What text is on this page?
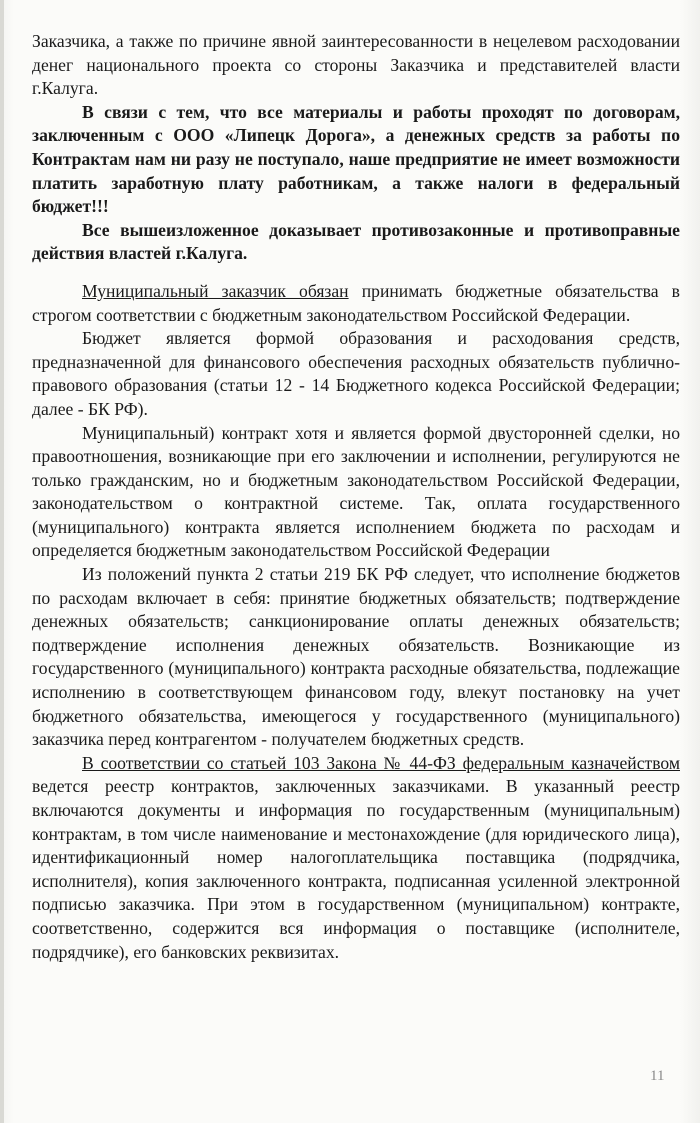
Заказчика, а также по причине явной заинтересованности в нецелевом расходовании денег национального проекта со стороны Заказчика и представителей власти г.Калуга.

В связи с тем, что все материалы и работы проходят по договорам, заключенным с ООО «Липецк Дорога», а денежных средств за работы по Контрактам нам ни разу не поступало, наше предприятие не имеет возможности платить заработную плату работникам, а также налоги в федеральный бюджет!!!

Все вышеизложенное доказывает противозаконные и противоправные действия властей г.Калуга.

Муниципальный заказчик обязан принимать бюджетные обязательства в строгом соответствии с бюджетным законодательством Российской Федерации.

Бюджет является формой образования и расходования средств, предназначенной для финансового обеспечения расходных обязательств публично-правового образования (статьи 12 - 14 Бюджетного кодекса Российской Федерации; далее - БК РФ).

Муниципальный) контракт хотя и является формой двусторонней сделки, но правоотношения, возникающие при его заключении и исполнении, регулируются не только гражданским, но и бюджетным законодательством Российской Федерации, законодательством о контрактной системе. Так, оплата государственного (муниципального) контракта является исполнением бюджета по расходам и определяется бюджетным законодательством Российской Федерации

Из положений пункта 2 статьи 219 БК РФ следует, что исполнение бюджетов по расходам включает в себя: принятие бюджетных обязательств; подтверждение денежных обязательств; санкционирование оплаты денежных обязательств; подтверждение исполнения денежных обязательств. Возникающие из государственного (муниципального) контракта расходные обязательства, подлежащие исполнению в соответствующем финансовом году, влекут постановку на учет бюджетного обязательства, имеющегося у государственного (муниципального) заказчика перед контрагентом - получателем бюджетных средств.

В соответствии со статьей 103 Закона № 44-ФЗ федеральным казначейством ведется реестр контрактов, заключенных заказчиками. В указанный реестр включаются документы и информация по государственным (муниципальным) контрактам, в том числе наименование и местонахождение (для юридического лица), идентификационный номер налогоплательщика поставщика (подрядчика, исполнителя), копия заключенного контракта, подписанная усиленной электронной подписью заказчика. При этом в государственном (муниципальном) контракте, соответственно, содержится вся информация о поставщике (исполнителе, подрядчике), его банковских реквизитах.

11
